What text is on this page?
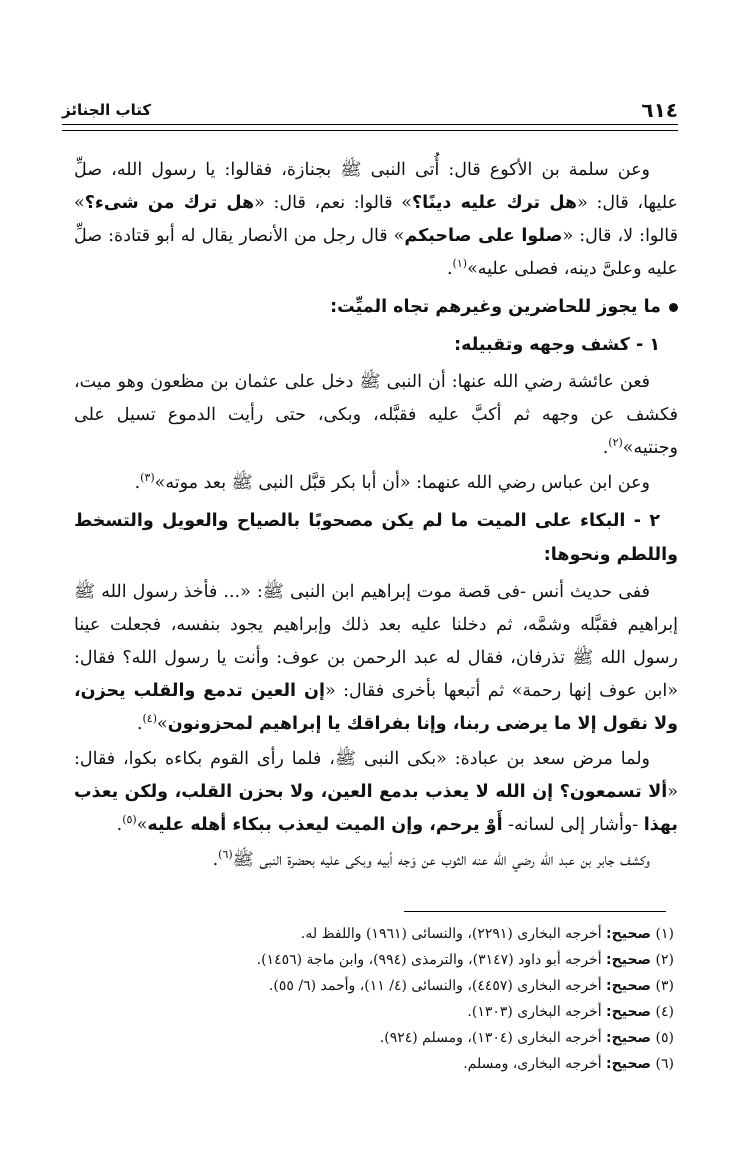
٦١٤
كتاب الجنائز

وعن سلمة بن الأكوع قال: أُتى النبى ﷺ بجنازة، فقالوا: يا رسول الله، صلِّ عليها، قال: «هل ترك عليه دينًا؟» قالوا: نعم، قال: «هل ترك من شىء؟» قالوا: لا، قال: «صلوا على صاحبكم» قال رجل من الأنصار يقال له أبو قتادة: صلِّ عليه وعلىَّ دينه، فصلى عليه»$^{(١)}$.

ما يجوز للحاضرين وغيرهم تجاه الميِّت:

١ - كشف وجهه وتقبيله:

فعن عائشة رضي الله عنها: أن النبى ﷺ دخل على عثمان بن مظعون وهو ميت، فكشف عن وجهه ثم أكبَّ عليه فقبَّله، وبكى، حتى رأيت الدموع تسيل على وجنتيه»$^{(٢)}$.

وعن ابن عباس رضي الله عنهما: «أن أبا بكر قبَّل النبى ﷺ بعد موته»$^{(٣)}$.

٢ - البكاء على الميت ما لم يكن مصحوبًا بالصياح والعويل والتسخط واللطم ونحوها:

ففى حديث أنس -فى قصة موت إبراهيم ابن النبى ﷺ: «... فأخذ رسول الله ﷺ إبراهيم فقبَّله وشمَّه، ثم دخلنا عليه بعد ذلك وإبراهيم يجود بنفسه، فجعلت عينا رسول الله ﷺ تذرفان، فقال له عبد الرحمن بن عوف: وأنت يا رسول الله؟ فقال: «ابن عوف إنها رحمة» ثم أتبعها بأخرى فقال: «إن العين تدمع والقلب يحزن، ولا نقول إلا ما يرضى ربنا، وإنا بفراقك يا إبراهيم لمحزونون»$^{(٤)}$.

ولما مرض سعد بن عبادة: «بكى النبى ﷺ، فلما رأى القوم بكاءه بكوا، فقال: «ألا تسمعون؟ إن الله لا يعذب بدمع العين، ولا بحزن القلب، ولكن يعذب بهذا -وأشار إلى لسانه- أَوْ يرحم، وإن الميت ليعذب ببكاء أهله عليه»$^{(٥)}$.

وكشف جابر بن عبد الله رضي الله عنه الثوب عن وَجه أبيه وبكى عليه بحضرة النبى ﷺ$^{(٦)}$.

(١) صحيح: أخرجه البخارى (٢٢٩١)، والنسائى (١٩٦١) واللفظ له.

(٢) صحيح: أخرجه أبو داود (٣١٤٧)، والترمذى (٩٩٤)، وابن ماجة (١٤٥٦).

(٣) صحيح: أخرجه البخارى (٤٤٥٧)، والنسائى (٤/ ١١)، وأحمد (٦/ ٥٥).

(٤) صحيح: أخرجه البخارى (١٣٠٣).

(٥) صحيح: أخرجه البخارى (١٣٠٤)، ومسلم (٩٢٤).

(٦) صحيح: أخرجه البخارى، ومسلم.
